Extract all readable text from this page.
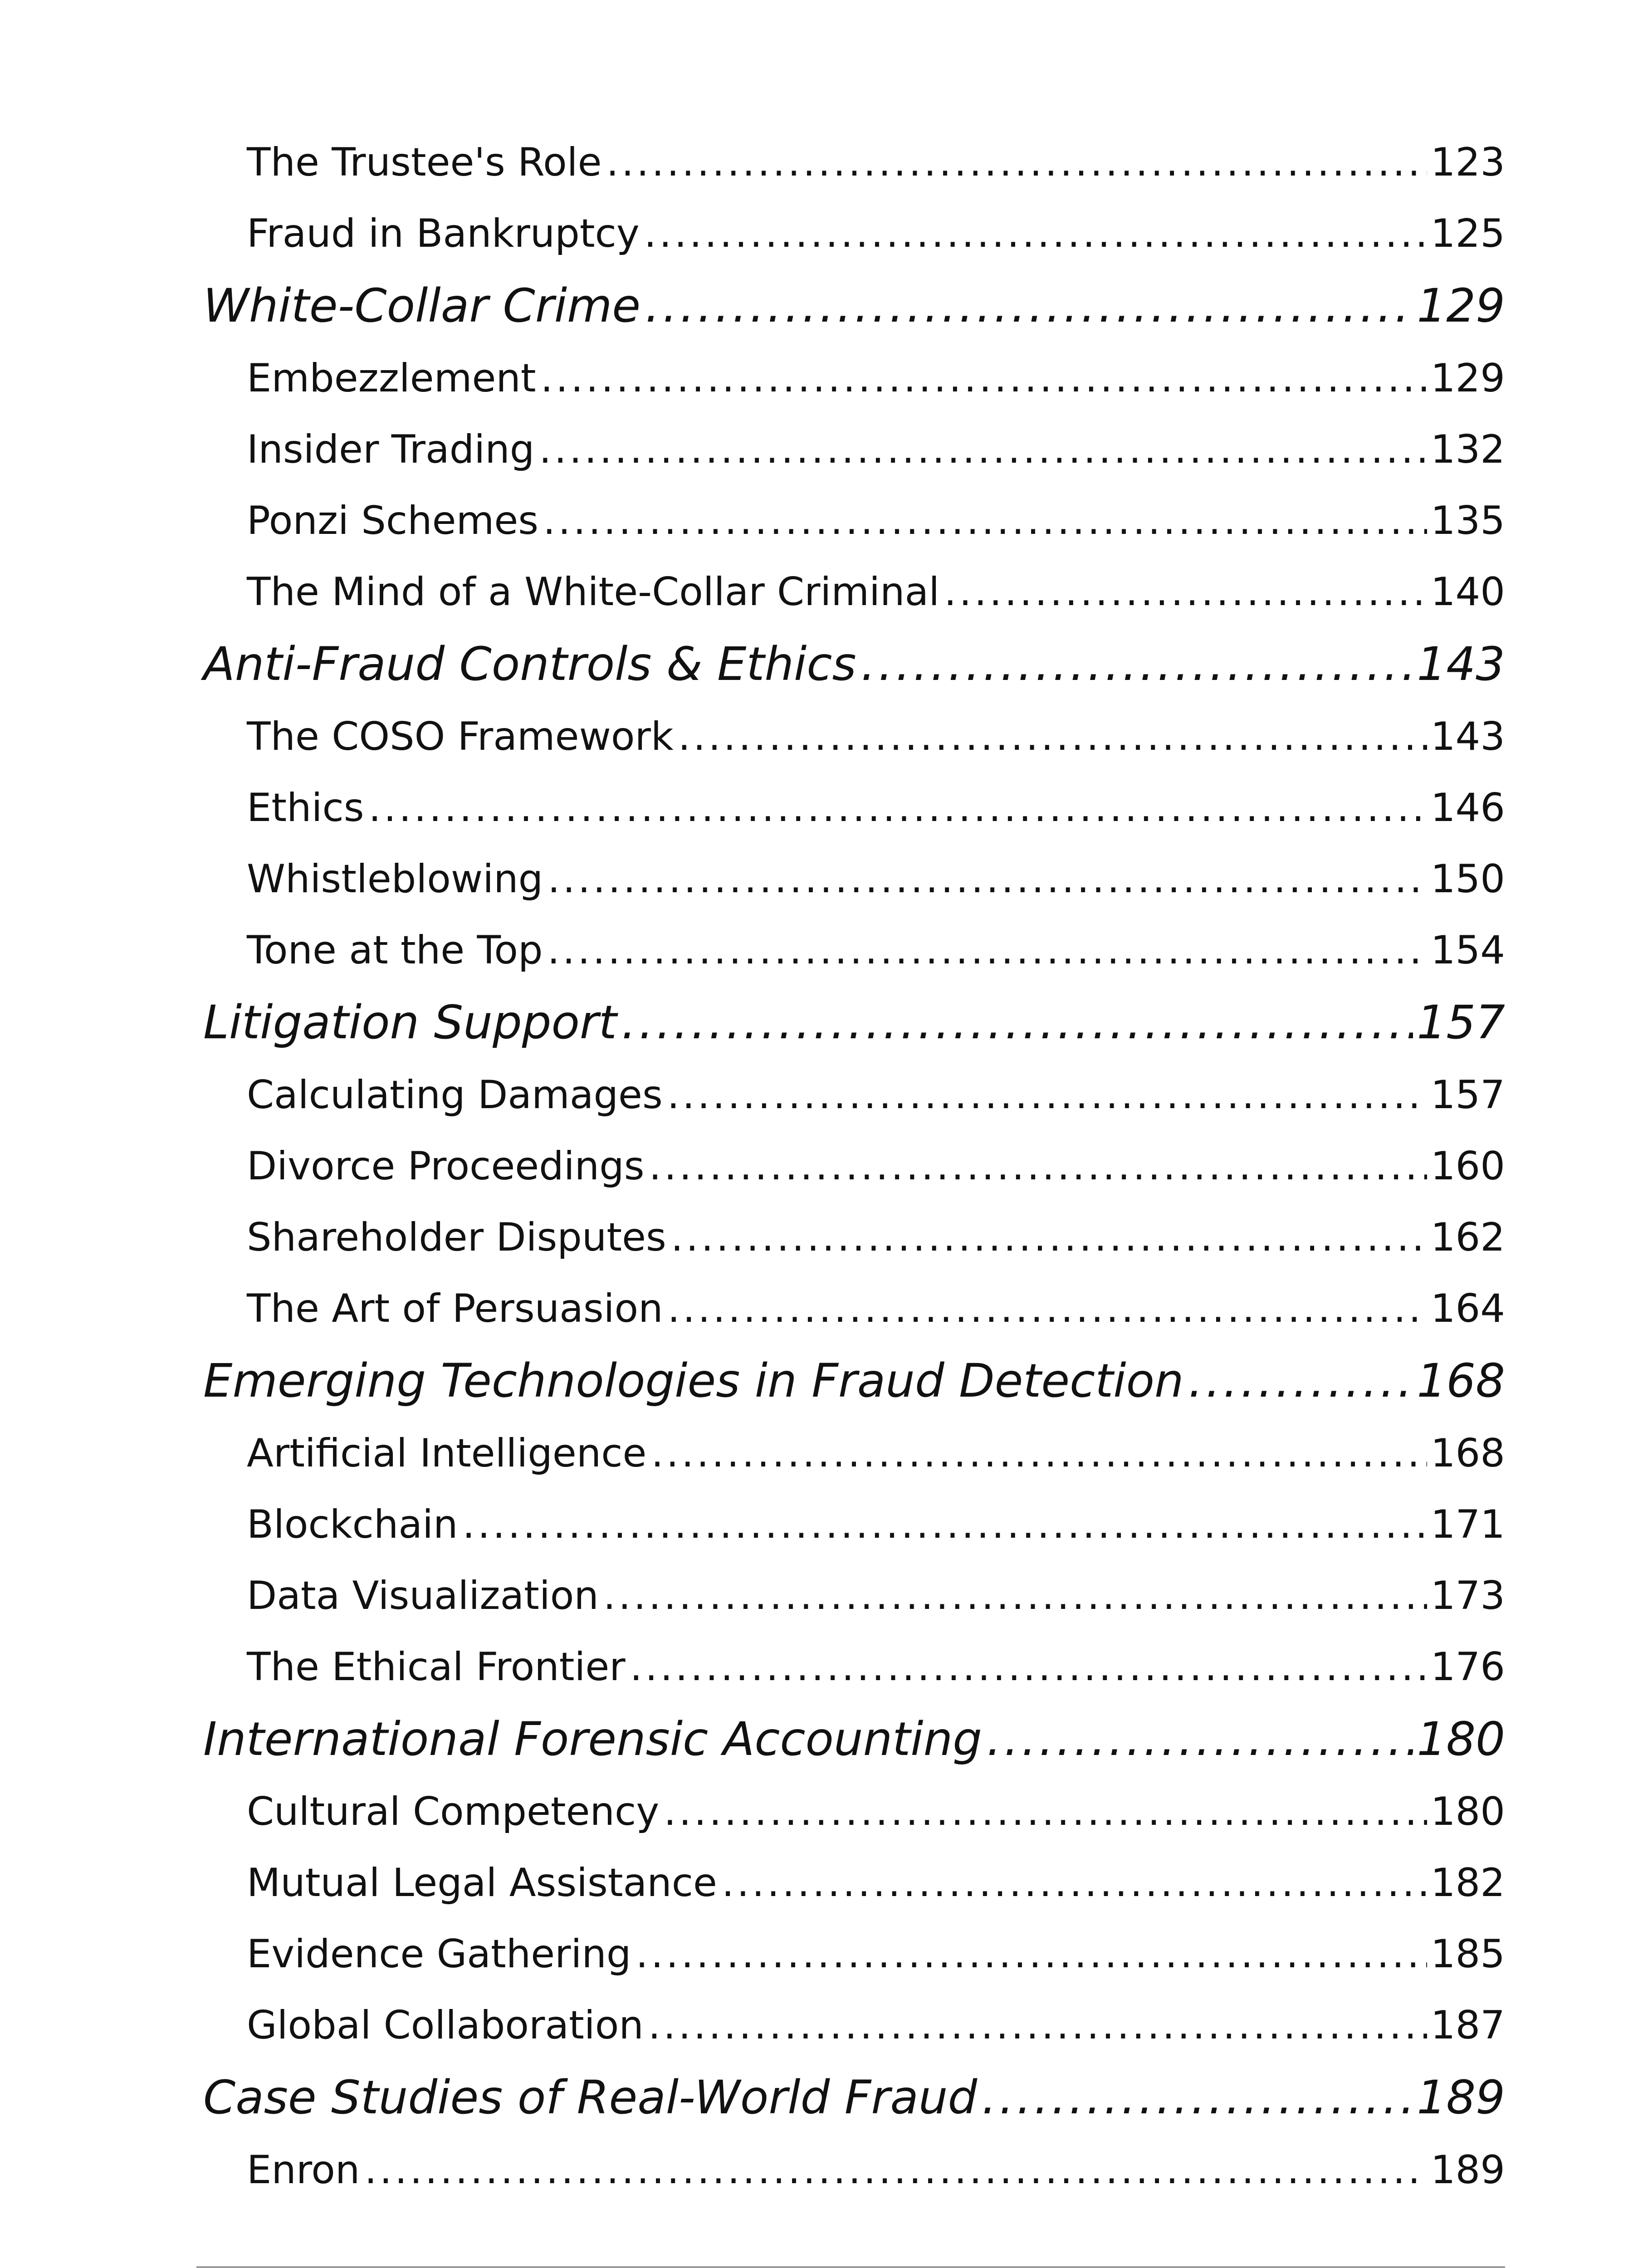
The Trustee's Role .....	123
Fraud in Bankruptcy .....	125
White-Collar Crime .....	129
Embezzlement .....	129
Insider Trading .....	132
Ponzi Schemes .....	135
The Mind of a White-Collar Criminal .....	140
Anti-Fraud Controls & Ethics .....	143
The COSO Framework .....	143
Ethics .....	146
Whistleblowing .....	150
Tone at the Top .....	154
Litigation Support .....	157
Calculating Damages .....	157
Divorce Proceedings .....	160
Shareholder Disputes .....	162
The Art of Persuasion .....	164
Emerging Technologies in Fraud Detection .....	168
Artificial Intelligence .....	168
Blockchain .....	171
Data Visualization .....	173
The Ethical Frontier .....	176
International Forensic Accounting .....	180
Cultural Competency .....	180
Mutual Legal Assistance .....	182
Evidence Gathering .....	185
Global Collaboration .....	187
Case Studies of Real-World Fraud .....	189
Enron .....	189
